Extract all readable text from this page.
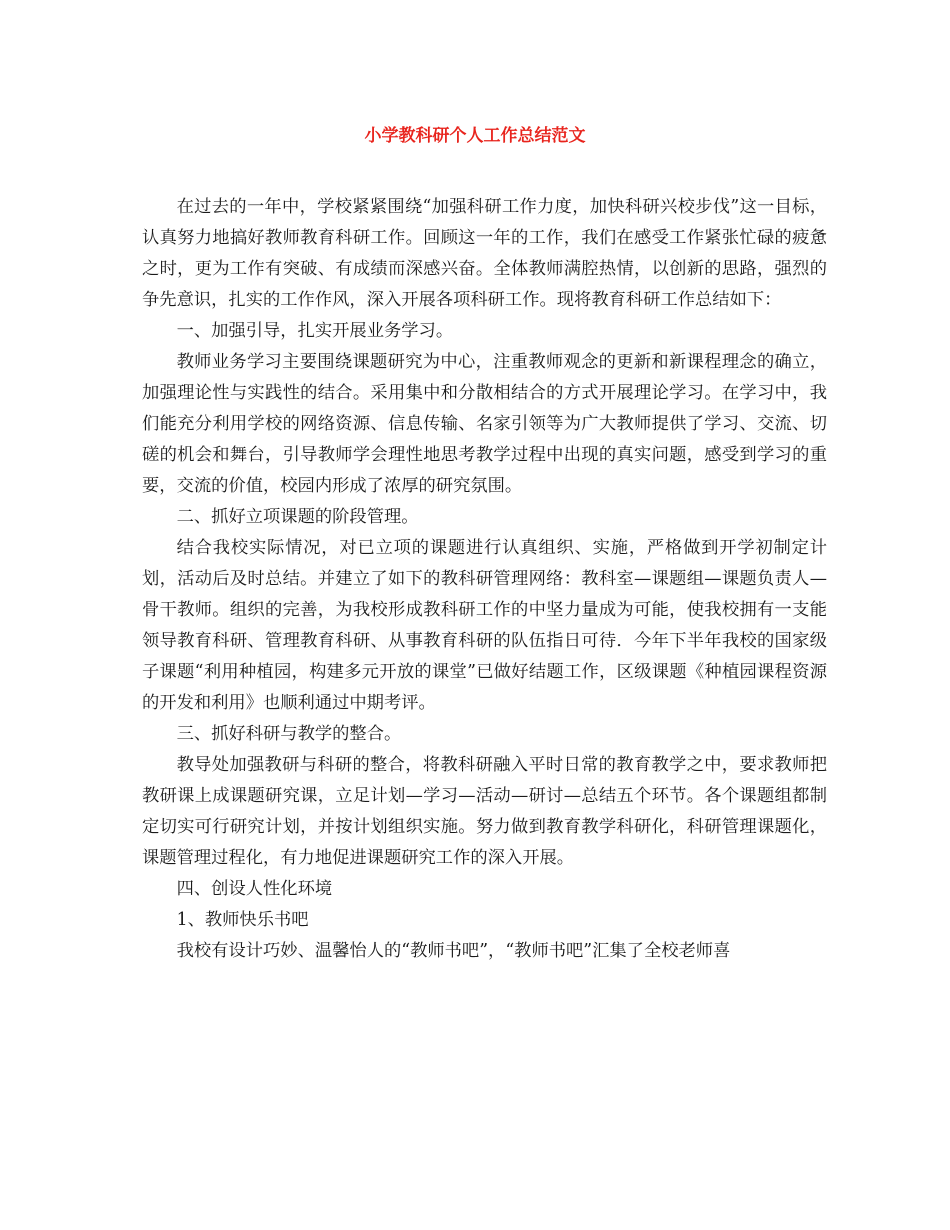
小学教科研个人工作总结范文

在过去的一年中，学校紧紧围绕“加强科研工作力度，加快科研兴校步伐”这一目标，认真努力地搞好教师教育科研工作。回顾这一年的工作，我们在感受工作紧张忙碌的疲惫之时，更为工作有突破、有成绩而深感兴奋。全体教师满腔热情，以创新的思路，强烈的争先意识，扎实的工作作风，深入开展各项科研工作。现将教育科研工作总结如下：

一、加强引导，扎实开展业务学习。

教师业务学习主要围绕课题研究为中心，注重教师观念的更新和新课程理念的确立，加强理论性与实践性的结合。采用集中和分散相结合的方式开展理论学习。在学习中，我们能充分利用学校的网络资源、信息传输、名家引领等为广大教师提供了学习、交流、切磋的机会和舞台，引导教师学会理性地思考教学过程中出现的真实问题，感受到学习的重要，交流的价值，校园内形成了浓厚的研究氛围。

二、抓好立项课题的阶段管理。

结合我校实际情况，对已立项的课题进行认真组织、实施，严格做到开学初制定计划，活动后及时总结。并建立了如下的教科研管理网络：教科室—课题组—课题负责人—骨干教师。组织的完善，为我校形成教科研工作的中坚力量成为可能，使我校拥有一支能领导教育科研、管理教育科研、从事教育科研的队伍指日可待．今年下半年我校的国家级子课题“利用种植园，构建多元开放的课堂”已做好结题工作，区级课题《种植园课程资源的开发和利用》也顺利通过中期考评。

三、抓好科研与教学的整合。

教导处加强教研与科研的整合，将教科研融入平时日常的教育教学之中，要求教师把教研课上成课题研究课，立足计划—学习—活动—研讨—总结五个环节。各个课题组都制定切实可行研究计划，并按计划组织实施。努力做到教育教学科研化，科研管理课题化，课题管理过程化，有力地促进课题研究工作的深入开展。

四、创设人性化环境

1、教师快乐书吧

我校有设计巧妙、温馨怡人的“教师书吧”，“教师书吧”汇集了全校老师喜
